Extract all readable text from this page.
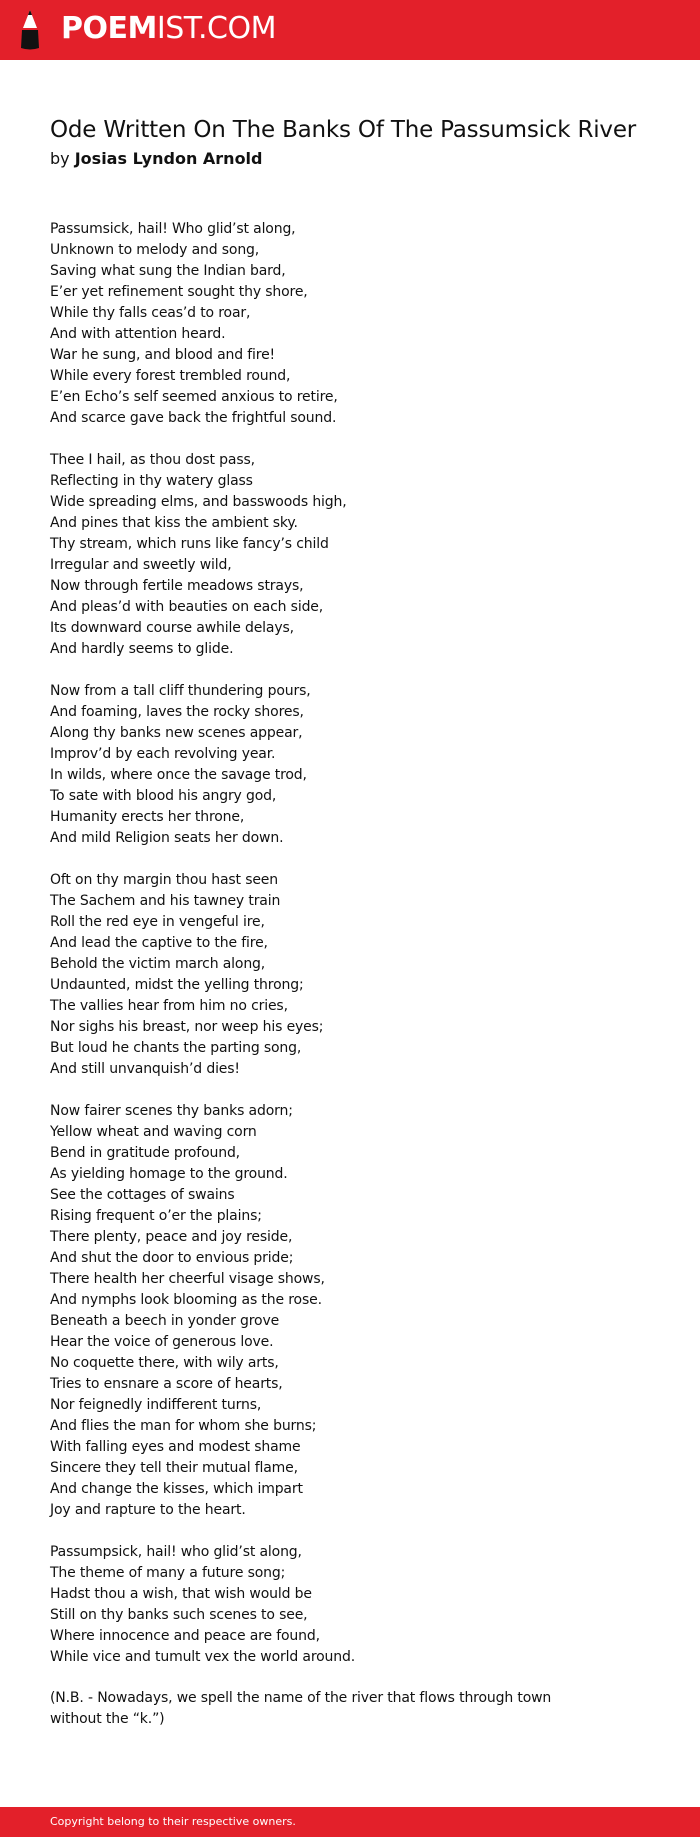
POEMIST.COM
Ode Written On The Banks Of The Passumsick River
by Josias Lyndon Arnold
Passumsick, hail! Who glid’st along,
Unknown to melody and song,
Saving what sung the Indian bard,
E’er yet refinement sought thy shore,
While thy falls ceas’d to roar,
And with attention heard.
War he sung, and blood and fire!
While every forest trembled round,
E’en Echo’s self seemed anxious to retire,
And scarce gave back the frightful sound.
Thee I hail, as thou dost pass,
Reflecting in thy watery glass
Wide spreading elms, and basswoods high,
And pines that kiss the ambient sky.
Thy stream, which runs like fancy’s child
Irregular and sweetly wild,
Now through fertile meadows strays,
And pleas’d with beauties on each side,
Its downward course awhile delays,
And hardly seems to glide.
Now from a tall cliff thundering pours,
And foaming, laves the rocky shores,
Along thy banks new scenes appear,
Improv’d by each revolving year.
In wilds, where once the savage trod,
To sate with blood his angry god,
Humanity erects her throne,
And mild Religion seats her down.
Oft on thy margin thou hast seen
The Sachem and his tawney train
Roll the red eye in vengeful ire,
And lead the captive to the fire,
Behold the victim march along,
Undaunted, midst the yelling throng;
The vallies hear from him no cries,
Nor sighs his breast, nor weep his eyes;
But loud he chants the parting song,
And still unvanquish’d dies!
Now fairer scenes thy banks adorn;
Yellow wheat and waving corn
Bend in gratitude profound,
As yielding homage to the ground.
See the cottages of swains
Rising frequent o’er the plains;
There plenty, peace and joy reside,
And shut the door to envious pride;
There health her cheerful visage shows,
And nymphs look blooming as the rose.
Beneath a beech in yonder grove
Hear the voice of generous love.
No coquette there, with wily arts,
Tries to ensnare a score of hearts,
Nor feignedly indifferent turns,
And flies the man for whom she burns;
With falling eyes and modest shame
Sincere they tell their mutual flame,
And change the kisses, which impart
Joy and rapture to the heart.
Passumpsick, hail! who glid’st along,
The theme of many a future song;
Hadst thou a wish, that wish would be
Still on thy banks such scenes to see,
Where innocence and peace are found,
While vice and tumult vex the world around.

(N.B. - Nowadays, we spell the name of the river that flows through town without the “k.”)

Copyright belong to their respective owners.
